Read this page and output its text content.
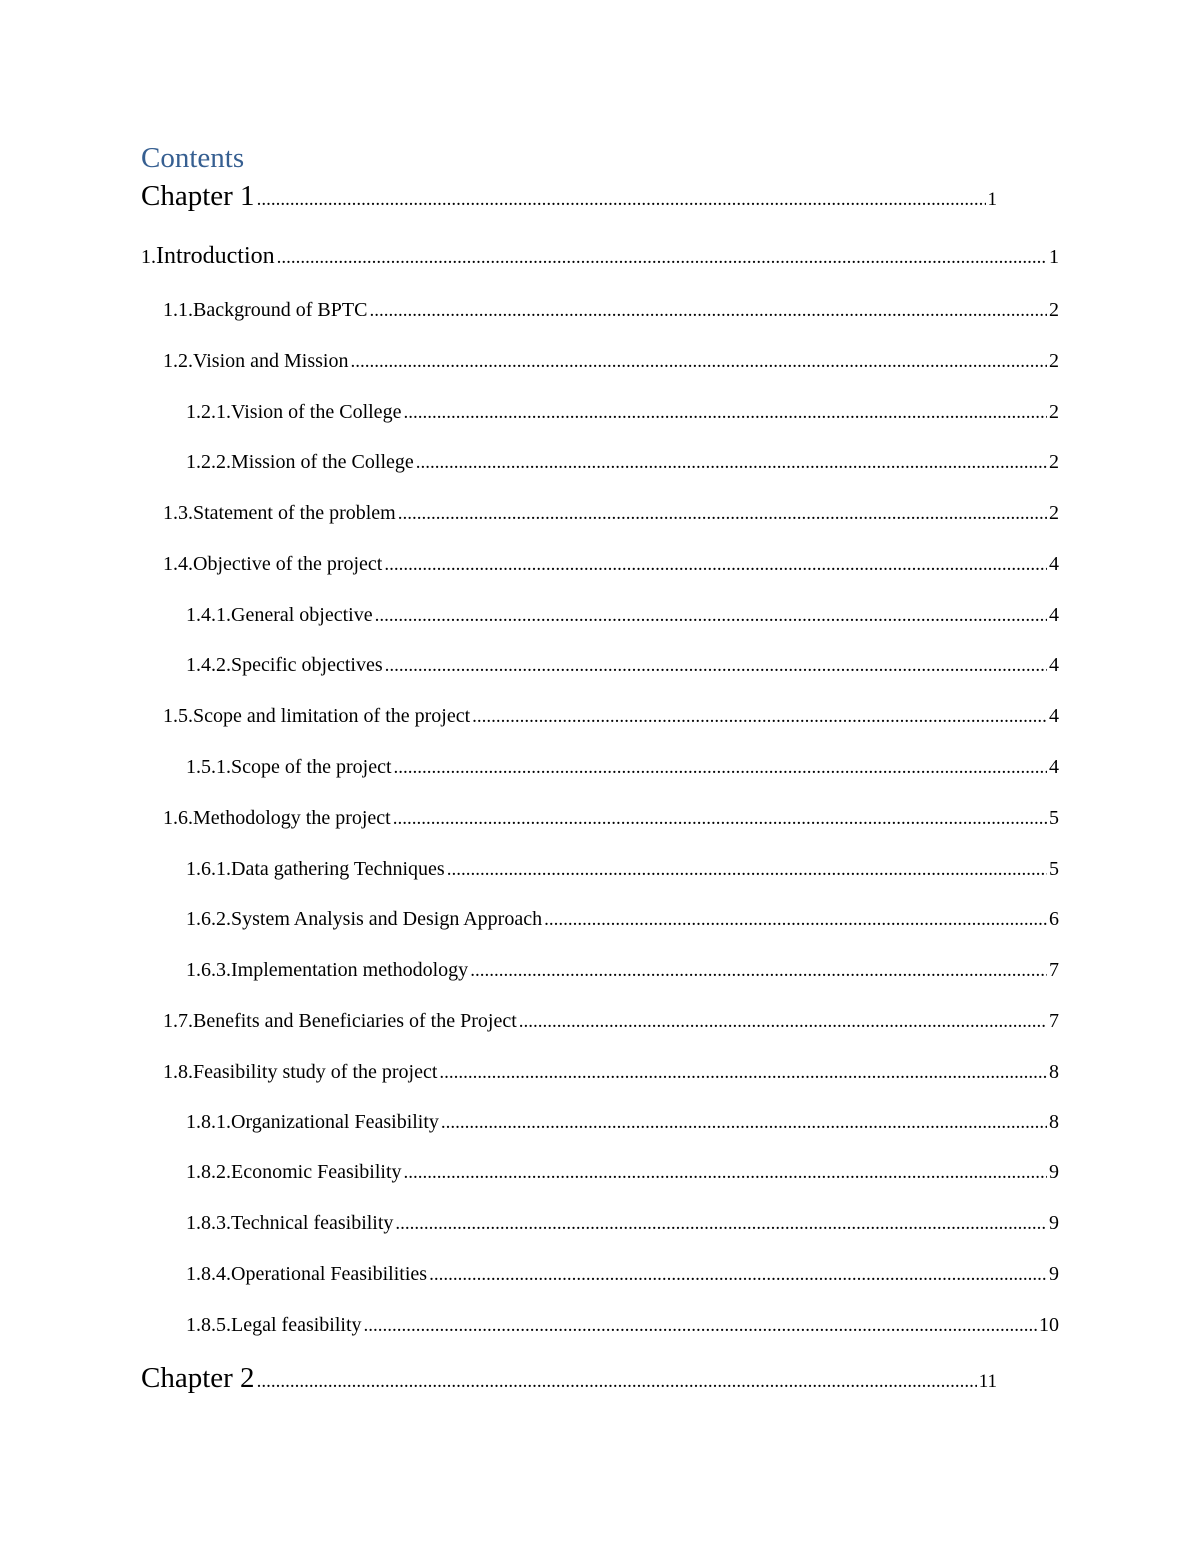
Contents
Chapter 1 .....	1
1. Introduction .....	1
1.1. Background of BPTC .....	2
1.2. Vision and Mission .....	2
1.2.1. Vision of the College .....	2
1.2.2. Mission of the College .....	2
1.3. Statement of the problem .....	2
1.4. Objective of the project .....	4
1.4.1. General objective .....	4
1.4.2. Specific objectives .....	4
1.5. Scope and limitation of the project .....	4
1.5.1. Scope of the project .....	4
1.6. Methodology the project .....	5
1.6.1. Data gathering Techniques .....	5
1.6.2. System Analysis and Design Approach .....	6
1.6.3. Implementation methodology .....	7
1.7. Benefits and Beneficiaries of the Project .....	7
1.8. Feasibility study of the project .....	8
1.8.1. Organizational Feasibility .....	8
1.8.2. Economic Feasibility .....	9
1.8.3. Technical feasibility .....	9
1.8.4. Operational Feasibilities .....	9
1.8.5. Legal feasibility .....	10
Chapter 2 .....	11
